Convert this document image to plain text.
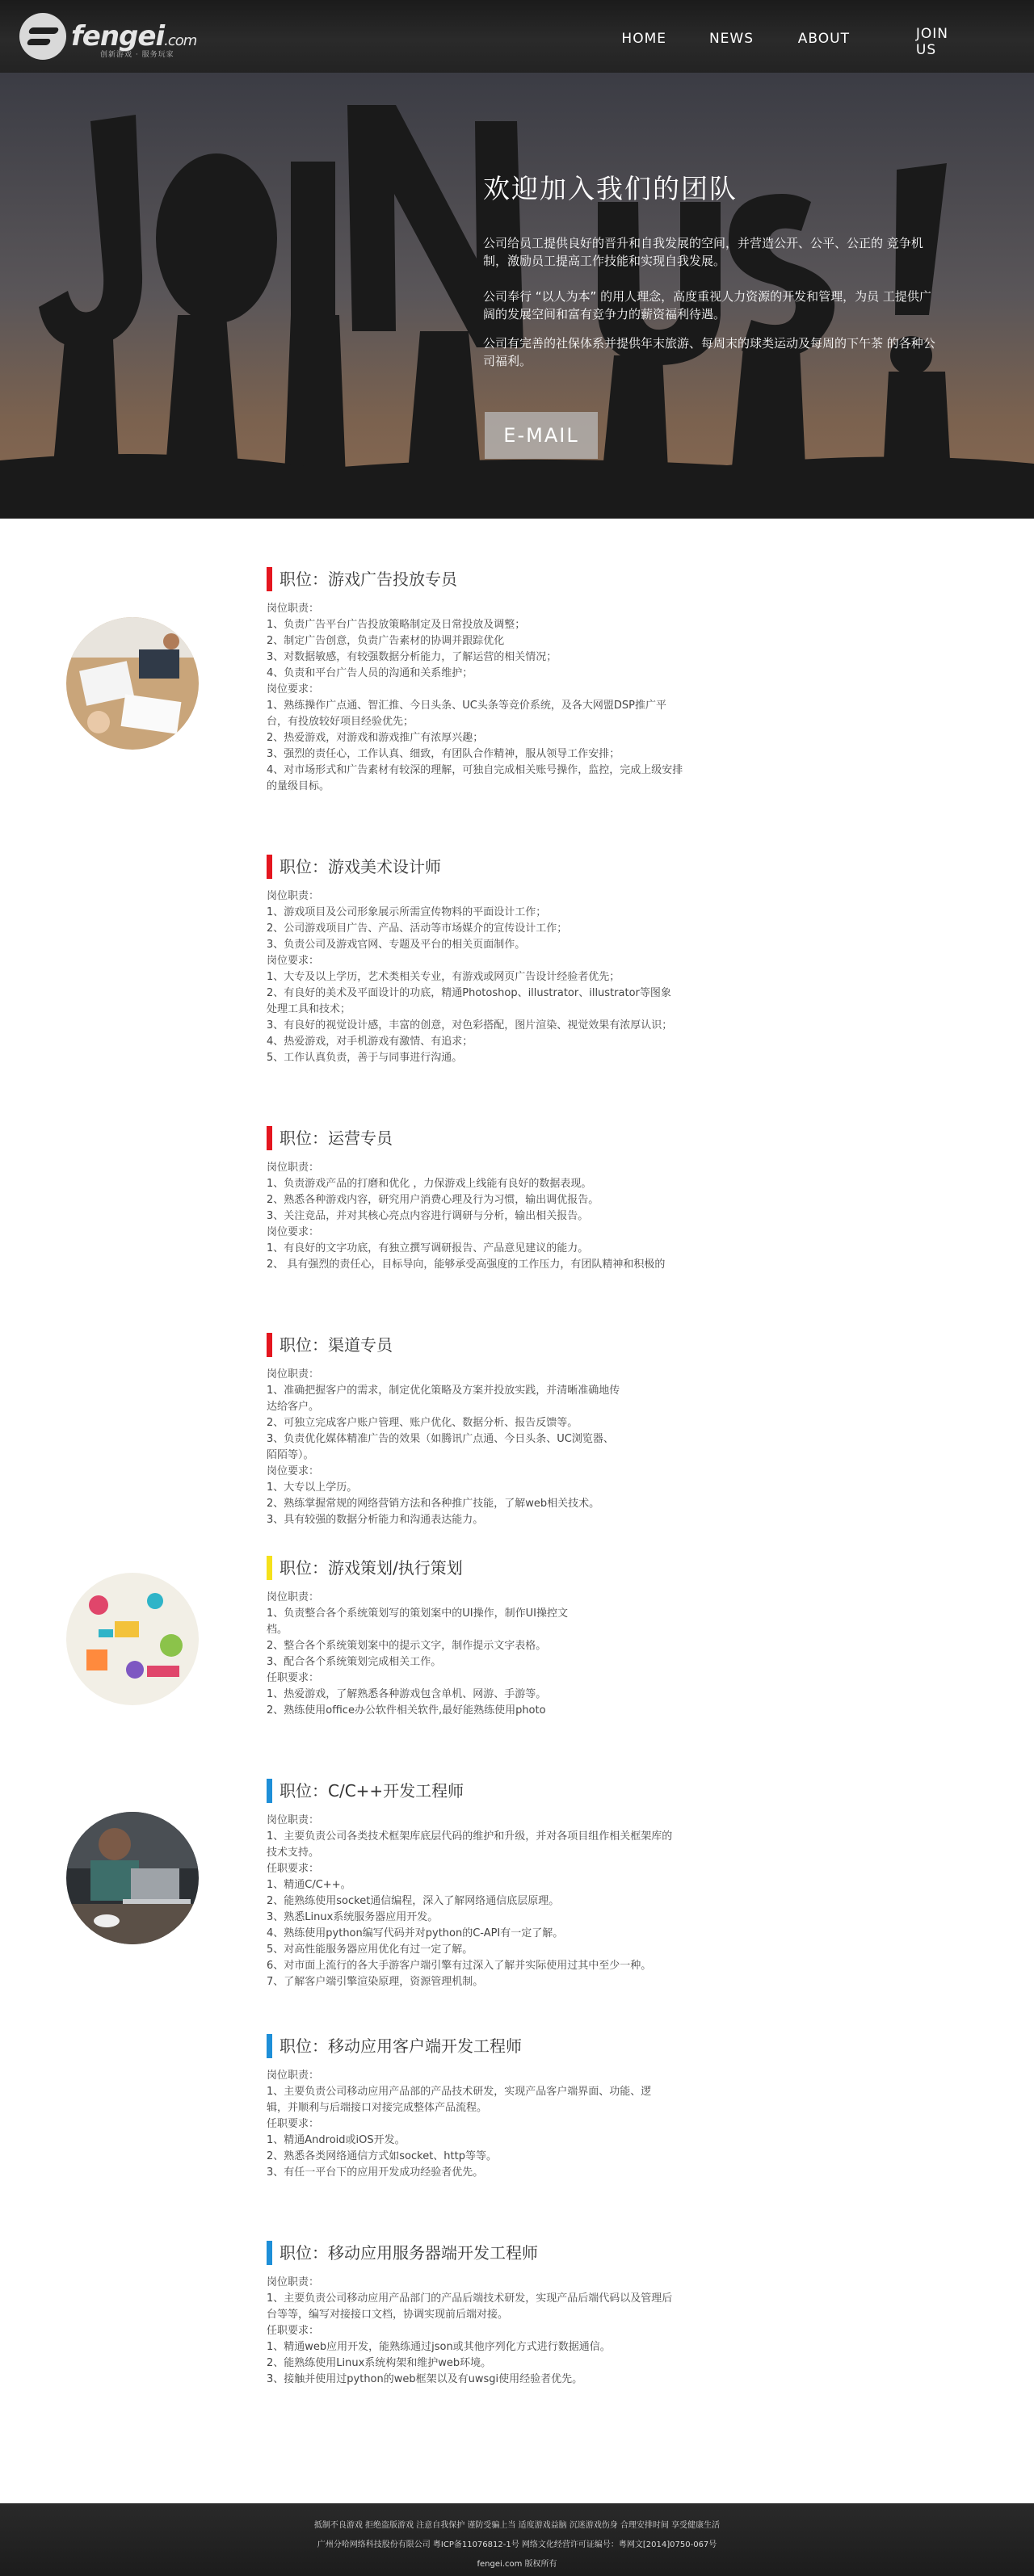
fengei.com
创新游戏 · 服务玩家
HOME	NEWS	ABOUT	JOIN US
欢迎加入我们的团队
公司给员工提供良好的晋升和自我发展的空间，并营造公开、公平、公正的 竞争机制，激励员工提高工作技能和实现自我发展。
公司奉行 “以人为本” 的用人理念，高度重视人力资源的开发和管理，为员 工提供广阔的发展空间和富有竞争力的薪资福利待遇。
公司有完善的社保体系并提供年末旅游、每周末的球类运动及每周的下午茶 的各种公司福利。
E-MAIL
职位：游戏广告投放专员
岗位职责：
1、负责广告平台广告投放策略制定及日常投放及调整；
2、制定广告创意，负责广告素材的协调并跟踪优化
3、对数据敏感，有较强数据分析能力，了解运营的相关情况；
4、负责和平台广告人员的沟通和关系维护；
岗位要求：
1、熟练操作广点通、智汇推、今日头条、UC头条等竞价系统，及各大网盟DSP推广平
台，有投放较好项目经验优先；
2、热爱游戏，对游戏和游戏推广有浓厚兴趣；
3、强烈的责任心，工作认真、细致，有团队合作精神，服从领导工作安排；
4、对市场形式和广告素材有较深的理解，可独自完成相关账号操作，监控，完成上级安排
的量级目标。
职位：游戏美术设计师
岗位职责：
1、游戏项目及公司形象展示所需宣传物料的平面设计工作；
2、公司游戏项目广告、产品、活动等市场媒介的宣传设计工作；
3、负责公司及游戏官网、专题及平台的相关页面制作。
岗位要求：
1、大专及以上学历，艺术类相关专业，有游戏或网页广告设计经验者优先；
2、有良好的美术及平面设计的功底，精通Photoshop、illustrator、illustrator等图象
处理工具和技术；
3、有良好的视觉设计感，丰富的创意，对色彩搭配，图片渲染、视觉效果有浓厚认识；
4、热爱游戏，对手机游戏有激情、有追求；
5、工作认真负责，善于与同事进行沟通。
职位：运营专员
岗位职责：
1、负责游戏产品的打磨和优化 ，力保游戏上线能有良好的数据表现。
2、熟悉各种游戏内容，研究用户消费心理及行为习惯，输出调优报告。
3、关注竞品，并对其核心亮点内容进行调研与分析，输出相关报告。
岗位要求：
1、有良好的文字功底，有独立撰写调研报告、产品意见建议的能力。
2、 具有强烈的责任心，目标导向，能够承受高强度的工作压力，有团队精神和积极的
职位：渠道专员
岗位职责：
1、准确把握客户的需求，制定优化策略及方案并投放实践，并清晰准确地传
达给客户。
2、可独立完成客户账户管理、账户优化、数据分析、报告反馈等。
3、负责优化媒体精准广告的效果（如腾讯广点通、今日头条、UC浏览器、
陌陌等）。
岗位要求：
1、大专以上学历。
2、熟练掌握常规的网络营销方法和各种推广技能，了解web相关技术。
3、具有较强的数据分析能力和沟通表达能力。
职位：游戏策划/执行策划
岗位职责：
1、负责整合各个系统策划写的策划案中的UI操作，制作UI操控文
档。
2、整合各个系统策划案中的提示文字，制作提示文字表格。
3、配合各个系统策划完成相关工作。
任职要求：
1、热爱游戏，了解熟悉各种游戏包含单机、网游、手游等。
2、熟练使用office办公软件相关软件,最好能熟练使用photo
职位：C/C++开发工程师
岗位职责：
1、主要负责公司各类技术框架库底层代码的维护和升级，并对各项目组作相关框架库的
技术支持。
任职要求：
1、精通C/C++。
2、能熟练使用socket通信编程，深入了解网络通信底层原理。
3、熟悉Linux系统服务器应用开发。
4、熟练使用python编写代码并对python的C-API有一定了解。
5、对高性能服务器应用优化有过一定了解。
6、对市面上流行的各大手游客户端引擎有过深入了解并实际使用过其中至少一种。
7、了解客户端引擎渲染原理，资源管理机制。
职位：移动应用客户端开发工程师
岗位职责：
1、主要负责公司移动应用产品部的产品技术研发，实现产品客户端界面、功能、逻
辑，并顺利与后端接口对接完成整体产品流程。
任职要求：
1、精通Android或iOS开发。
2、熟悉各类网络通信方式如socket、http等等。
3、有任一平台下的应用开发成功经验者优先。
职位：移动应用服务器端开发工程师
岗位职责：
1、主要负责公司移动应用产品部门的产品后端技术研发，实现产品后端代码以及管理后
台等等，编写对接接口文档，协调实现前后端对接。
任职要求：
1、精通web应用开发，能熟练通过json或其他序列化方式进行数据通信。
2、能熟练使用Linux系统构架和维护web环境。
3、接触并使用过python的web框架以及有uwsgi使用经验者优先。
抵制不良游戏 拒绝盗版游戏 注意自我保护 谨防受骗上当 适度游戏益脑 沉迷游戏伤身 合理安排时间 享受健康生活
广州分哈网络科技股份有限公司 粤ICP备11076812-1号 网络文化经营许可证编号：粤网文[2014]0750-067号
fengei.com 版权所有
